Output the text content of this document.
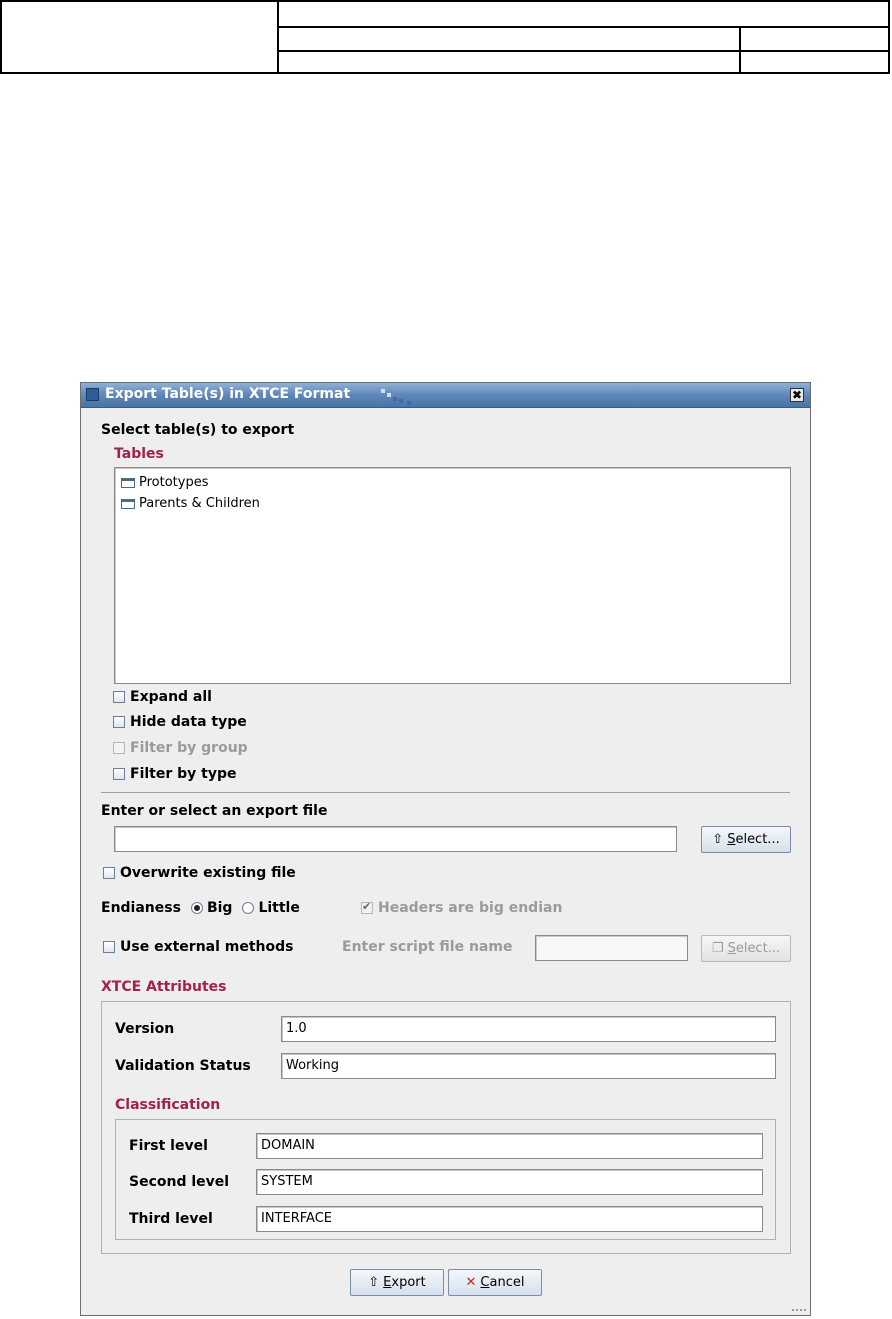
Export Table(s) in XTCE Format	✖
Select table(s) to export
Tables
Prototypes
Parents & Children
Expand all
Hide data type
Filter by group
Filter by type
Enter or select an export file
⇧ S elect...
Overwrite existing file
Endianess Big Little	✔ Headers are big endian
Use external methods	Enter script file name	❐ S elect...
XTCE Attributes
Version	1.0
Validation Status	Working
Classification
First level	DOMAIN
Second level	SYSTEM
Third level	INTERFACE
⇧ E xport	✕ C ancel
